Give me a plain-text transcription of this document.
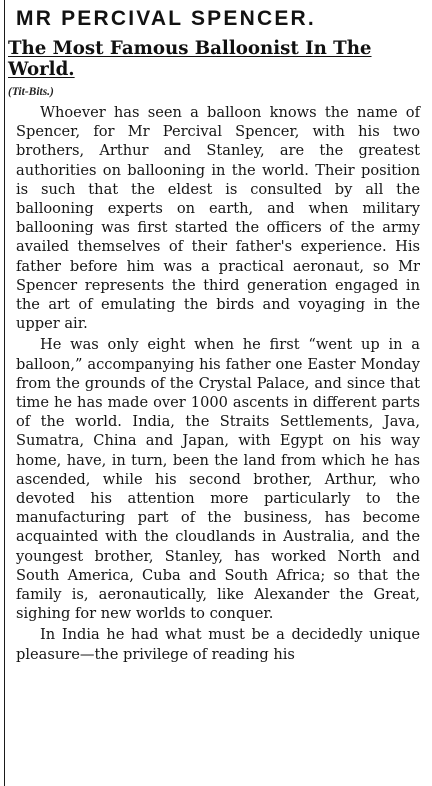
MR PERCIVAL SPENCER.
The Most Famous Balloonist In The World.
(Tit-Bits.)

Whoever has seen a balloon knows the name of Spencer, for Mr Percival Spencer, with his two brothers, Arthur and Stanley, are the greatest authorities on ballooning in the world. Their position is such that the eldest is consulted by all the ballooning experts on earth, and when military ballooning was first started the officers of the army availed themselves of their father's experience. His father before him was a practical aeronaut, so Mr Spencer represents the third generation engaged in the art of emulating the birds and voyaging in the upper air.

He was only eight when he first “went up in a balloon,” accompanying his father one Easter Monday from the grounds of the Crystal Palace, and since that time he has made over 1000 ascents in different parts of the world. India, the Straits Settlements, Java, Sumatra, China and Japan, with Egypt on his way home, have, in turn, been the land from which he has ascended, while his second brother, Arthur, who devoted his attention more particularly to the manufacturing part of the business, has become acquainted with the cloudlands in Australia, and the youngest brother, Stanley, has worked North and South America, Cuba and South Africa; so that the family is, aeronautically, like Alexander the Great, sighing for new worlds to conquer.

In India he had what must be a decidedly unique pleasure—the privilege of reading his
